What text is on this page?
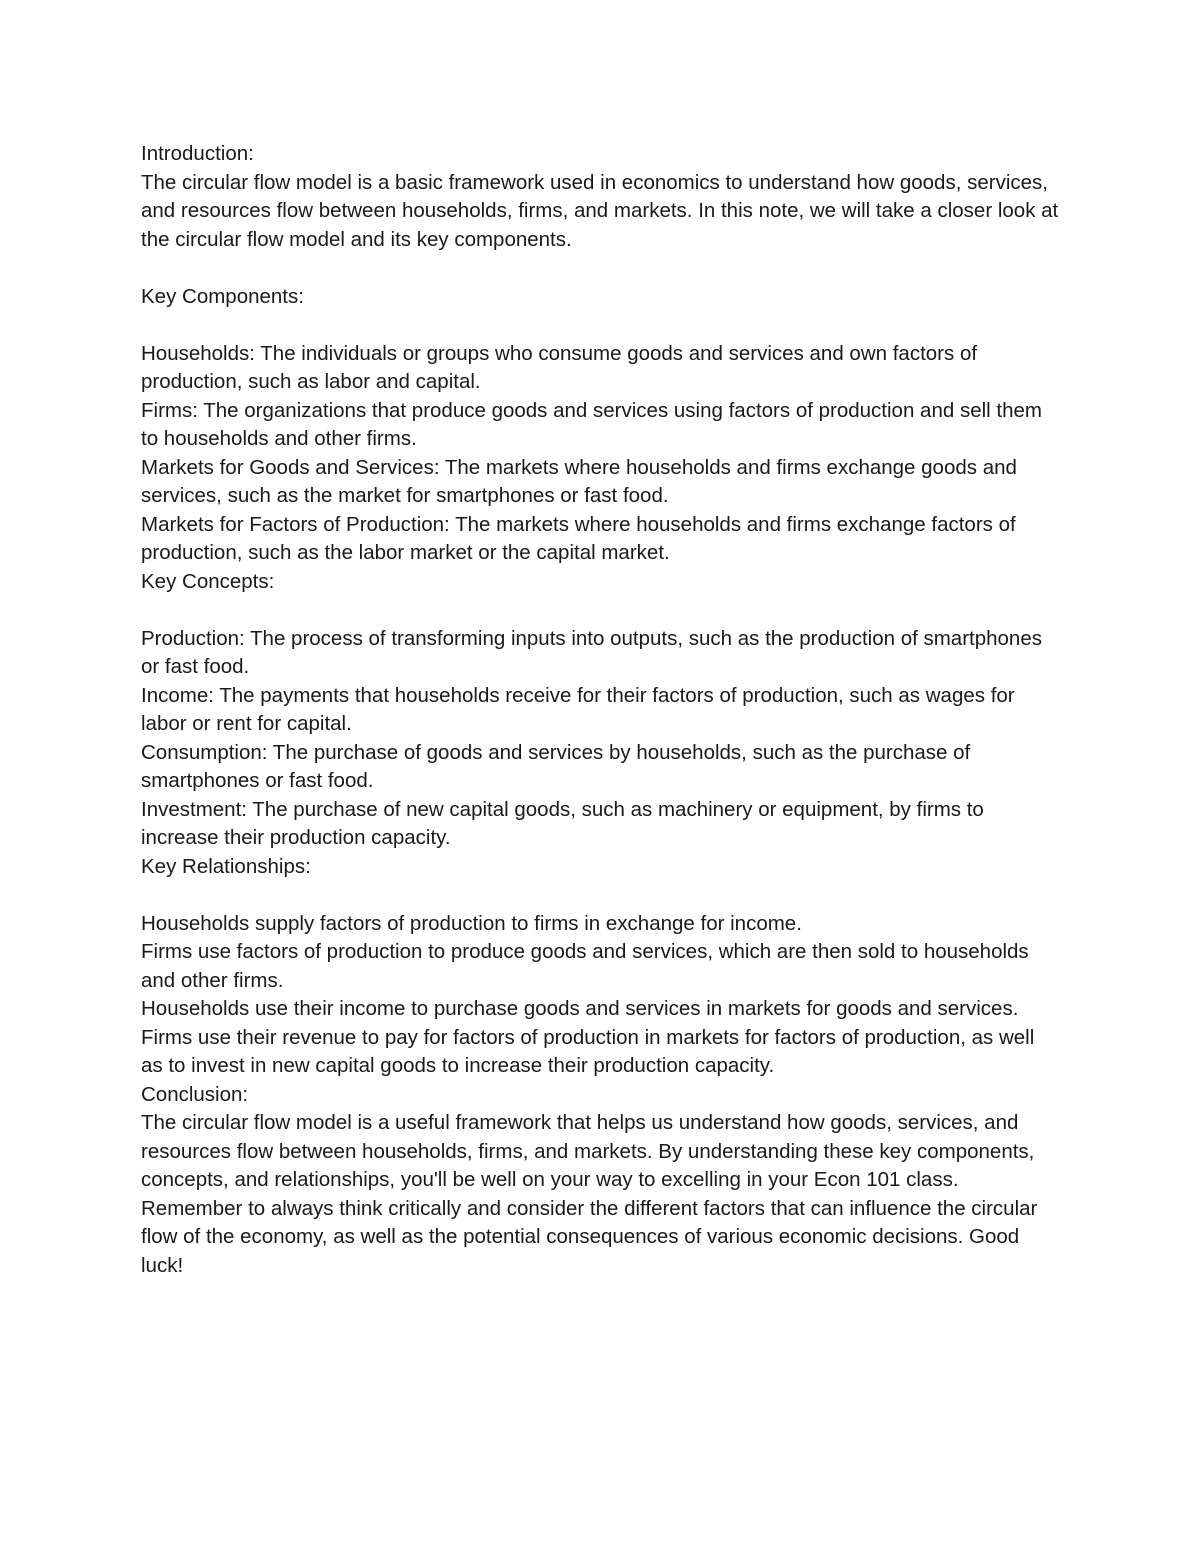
Introduction:

The circular flow model is a basic framework used in economics to understand how goods, services, and resources flow between households, firms, and markets. In this note, we will take a closer look at the circular flow model and its key components.

Key Components:

Households: The individuals or groups who consume goods and services and own factors of production, such as labor and capital.

Firms: The organizations that produce goods and services using factors of production and sell them to households and other firms.

Markets for Goods and Services: The markets where households and firms exchange goods and services, such as the market for smartphones or fast food.

Markets for Factors of Production: The markets where households and firms exchange factors of production, such as the labor market or the capital market.

Key Concepts:

Production: The process of transforming inputs into outputs, such as the production of smartphones or fast food.

Income: The payments that households receive for their factors of production, such as wages for labor or rent for capital.

Consumption: The purchase of goods and services by households, such as the purchase of smartphones or fast food.

Investment: The purchase of new capital goods, such as machinery or equipment, by firms to increase their production capacity.

Key Relationships:

Households supply factors of production to firms in exchange for income.

Firms use factors of production to produce goods and services, which are then sold to households and other firms.

Households use their income to purchase goods and services in markets for goods and services.

Firms use their revenue to pay for factors of production in markets for factors of production, as well as to invest in new capital goods to increase their production capacity.

Conclusion:

The circular flow model is a useful framework that helps us understand how goods, services, and resources flow between households, firms, and markets. By understanding these key components, concepts, and relationships, you'll be well on your way to excelling in your Econ 101 class. Remember to always think critically and consider the different factors that can influence the circular flow of the economy, as well as the potential consequences of various economic decisions. Good luck!
